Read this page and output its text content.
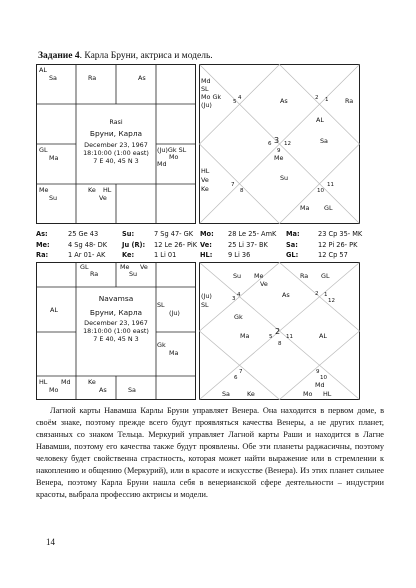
Задание 4. Карла Бруни, актриса и модель.
AL
Sa	Ra	As
GL
Ma
(Ju)Gk SL
Mo
Md
Me
Su
Ke HL
Ve
Rasi
Бруни, Карла
December 23, 1967
18:10:00 (1:00 east)
7 E 40, 45 N 3
Md
SL
Mo Gk
(Ju)	5
4	As	2 1	Ra
AL
Sa
3
6 12
9
Me
Su
HL
Ve
Ke	7
8	10
11
Ma GL
As:	25 Ge 43	Su:	7 Sg 47- GK Mo: 28 Le 25- AmK Ma:	23 Cp 35- MK
Me:	4 Sg 48- DK Ju (R): 12 Le 26- PiK Ve: 25 Li 37- BK	Sa:	12 Pi 26- PK
Ra:	1 Ar 01- AK	Ke:	1 Li 01	HL: 9 Li 36	GL:	12 Cp 57
GL
Ra
Me Ve
Su
AL
SL
(Ju)
Gk
Ma
HL Md
Mo
Ke
As	Sa
Navamsa
Бруни, Карла
December 23, 1967
18:10:00 (1:00 east)
7 E 40, 45 N 3
Su Me	Ra GL
Ve
(Ju)
SL
3
4	As	2 1
12
Gk
Ma	AL
2
5 11
8
6
7	9
10
Md
Mo HL
Sa	Ke
Лагной карты Навамша Карлы Бруни управляет Венера. Она находится в первом доме, в своём знаке, поэтому прежде всего будут проявляться качества Венеры, а не других планет, связанных со знаком Тельца. Меркурий управляет Лагной карты Раши и находится в Лагне Навамши, поэтому его качества также будут проявлены. Обе эти планеты раджасичны, поэтому человеку будет свойственна страстность, которая может найти выражение или в стремлении к накоплению и общению (Меркурий), или в красоте и искусстве (Венера). Из этих планет сильнее Венера, поэтому Карла Бруни нашла себя в венерианской сфере деятельности – индустрии красоты, выбрала профессию актрисы и модели.
14
